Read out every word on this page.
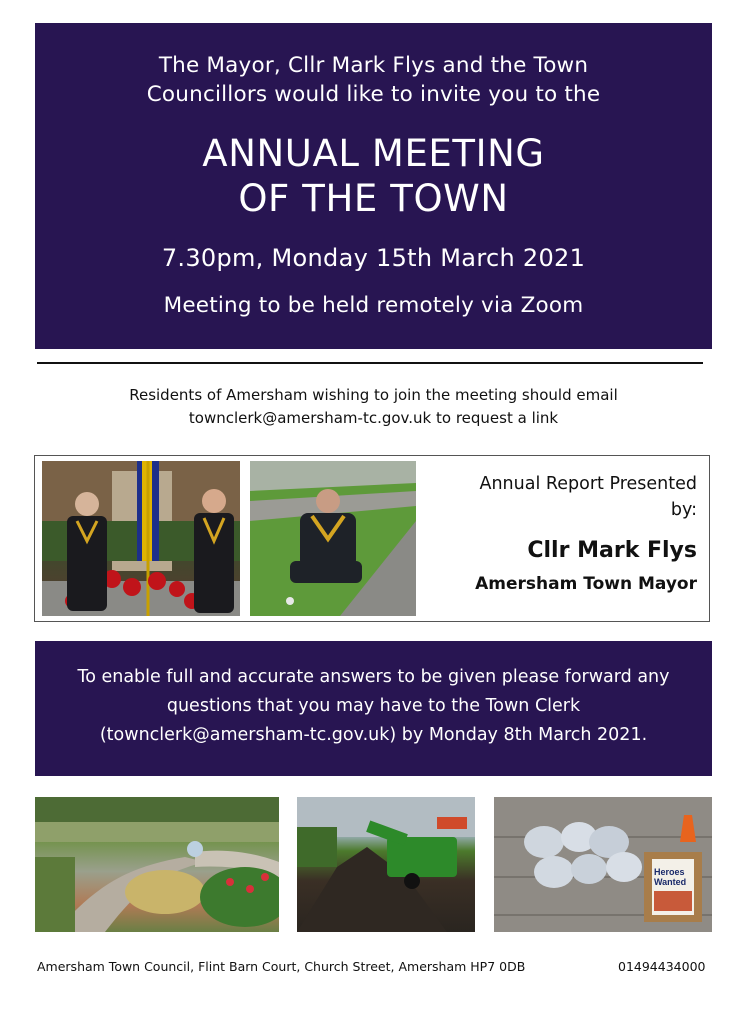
The Mayor, Cllr Mark Flys and the Town
Councillors would like to invite you to the
ANNUAL MEETING
OF THE TOWN
7.30pm, Monday 15th March 2021
Meeting to be held remotely via Zoom
Residents of Amersham wishing to join the meeting should email
townclerk@amersham-tc.gov.uk to request a link
Annual Report Presented
by:
Cllr Mark Flys
Amersham Town Mayor

To enable full and accurate answers to be given please forward any
questions that you may have to the Town Clerk
(townclerk@amersham-tc.gov.uk) by Monday 8th March 2021.

Heroes
Wanted
Amersham Town Council, Flint Barn Court, Church Street, Amersham HP7 0DB	01494434000
